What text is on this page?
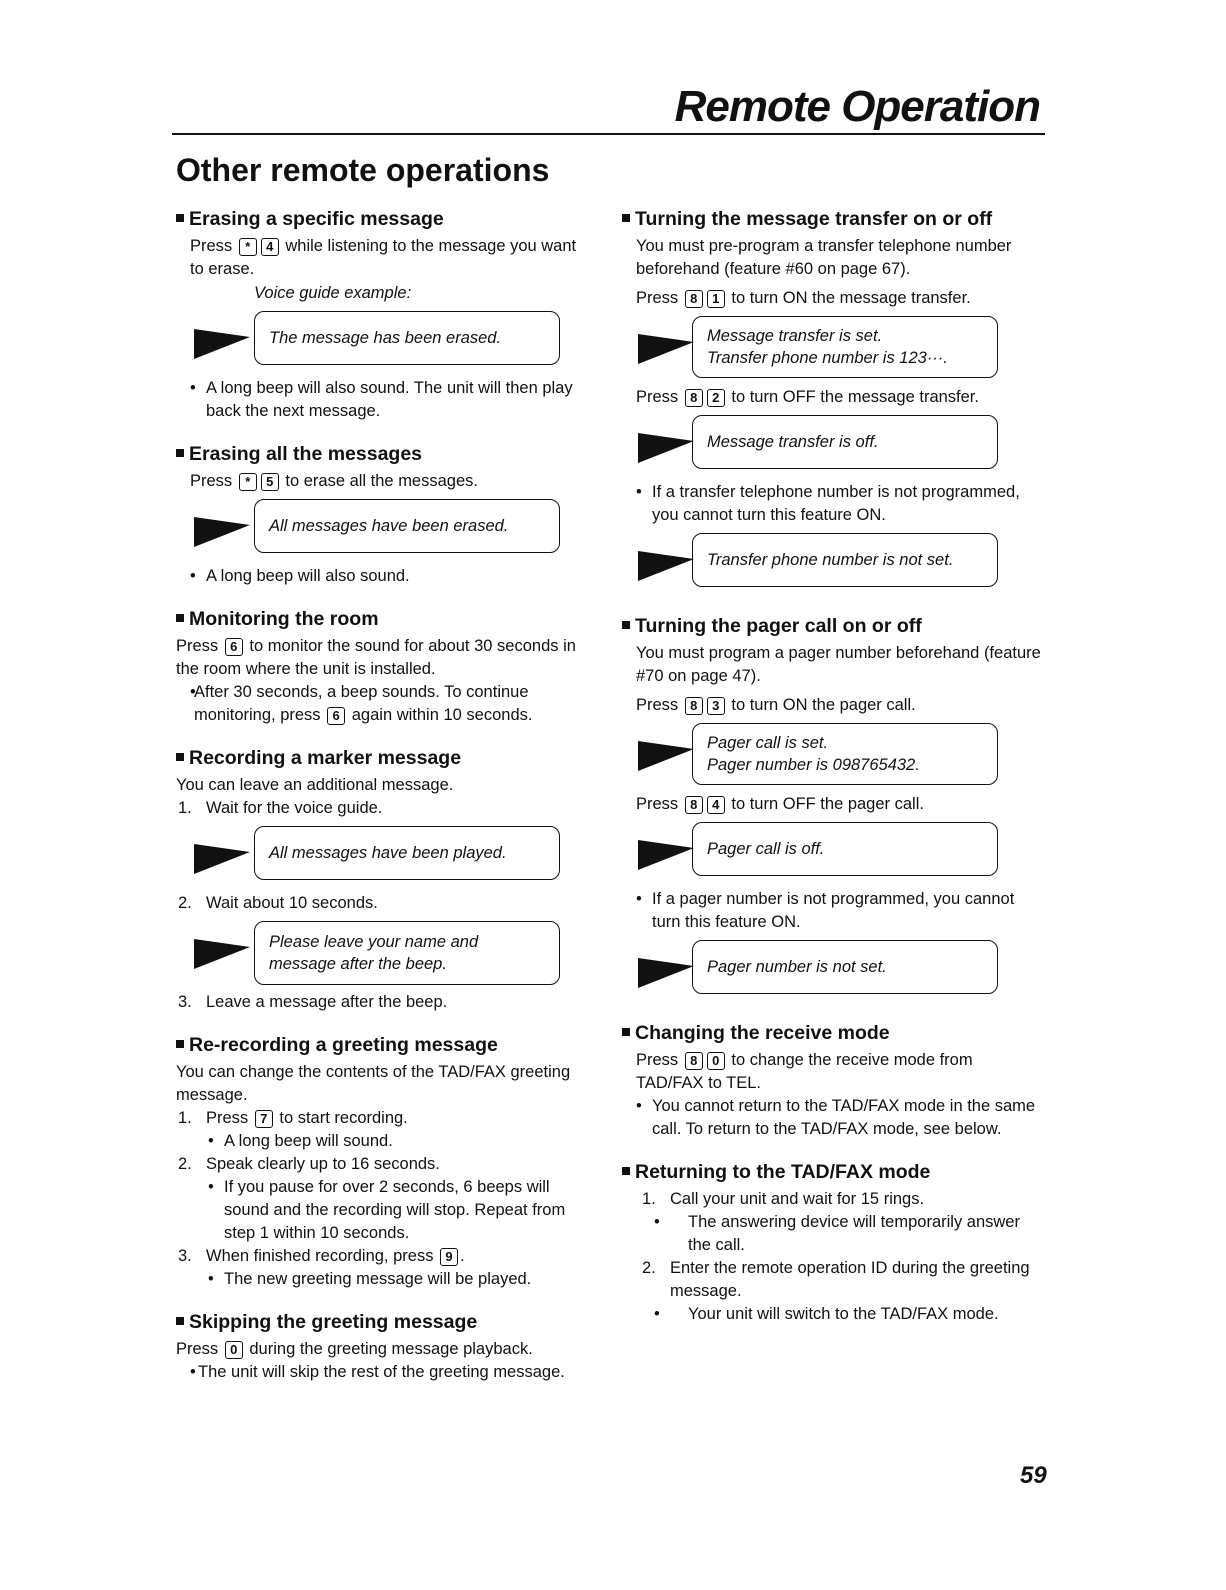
Remote Operation
Other remote operations
Erasing a specific message

Press * 4 while listening to the message you want to erase.

Voice guide example:
The message has been erased.

• A long beep will also sound. The unit will then play back the next message.

Erasing all the messages

Press * 5 to erase all the messages.

All messages have been erased.

• A long beep will also sound.

Monitoring the room

Press 6 to monitor the sound for about 30 seconds in the room where the unit is installed.

• After 30 seconds, a beep sounds. To continue monitoring, press 6 again within 10 seconds.

Recording a marker message

You can leave an additional message.

1. Wait for the voice guide.

All messages have been played.

2. Wait about 10 seconds.

Please leave your name and
message after the beep.

3. Leave a message after the beep.

Re-recording a greeting message

You can change the contents of the TAD/FAX greeting message.

1. Press 7 to start recording.

• A long beep will sound.

2. Speak clearly up to 16 seconds.

• If you pause for over 2 seconds, 6 beeps will sound and the recording will stop. Repeat from step 1 within 10 seconds.

3. When finished recording, press 9 .

• The new greeting message will be played.

Skipping the greeting message

Press 0 during the greeting message playback.

• The unit will skip the rest of the greeting message.

Turning the message transfer on or off

You must pre-program a transfer telephone number beforehand (feature #60 on page 67).

Press 8 1 to turn ON the message transfer.

Message transfer is set.
Transfer phone number is 123···.

Press 8 2 to turn OFF the message transfer.

Message transfer is off.

• If a transfer telephone number is not programmed, you cannot turn this feature ON.

Transfer phone number is not set.
Turning the pager call on or off

You must program a pager number beforehand (feature #70 on page 47).

Press 8 3 to turn ON the pager call.

Pager call is set.
Pager number is 098765432.

Press 8 4 to turn OFF the pager call.

Pager call is off.

• If a pager number is not programmed, you cannot turn this feature ON.

Pager number is not set.
Changing the receive mode

Press 8 0 to change the receive mode from TAD/FAX to TEL.

• You cannot return to the TAD/FAX mode in the same call. To return to the TAD/FAX mode, see below.

Returning to the TAD/FAX mode

1. Call your unit and wait for 15 rings.

• The answering device will temporarily answer the call.

2. Enter the remote operation ID during the greeting message.

• Your unit will switch to the TAD/FAX mode.

59
